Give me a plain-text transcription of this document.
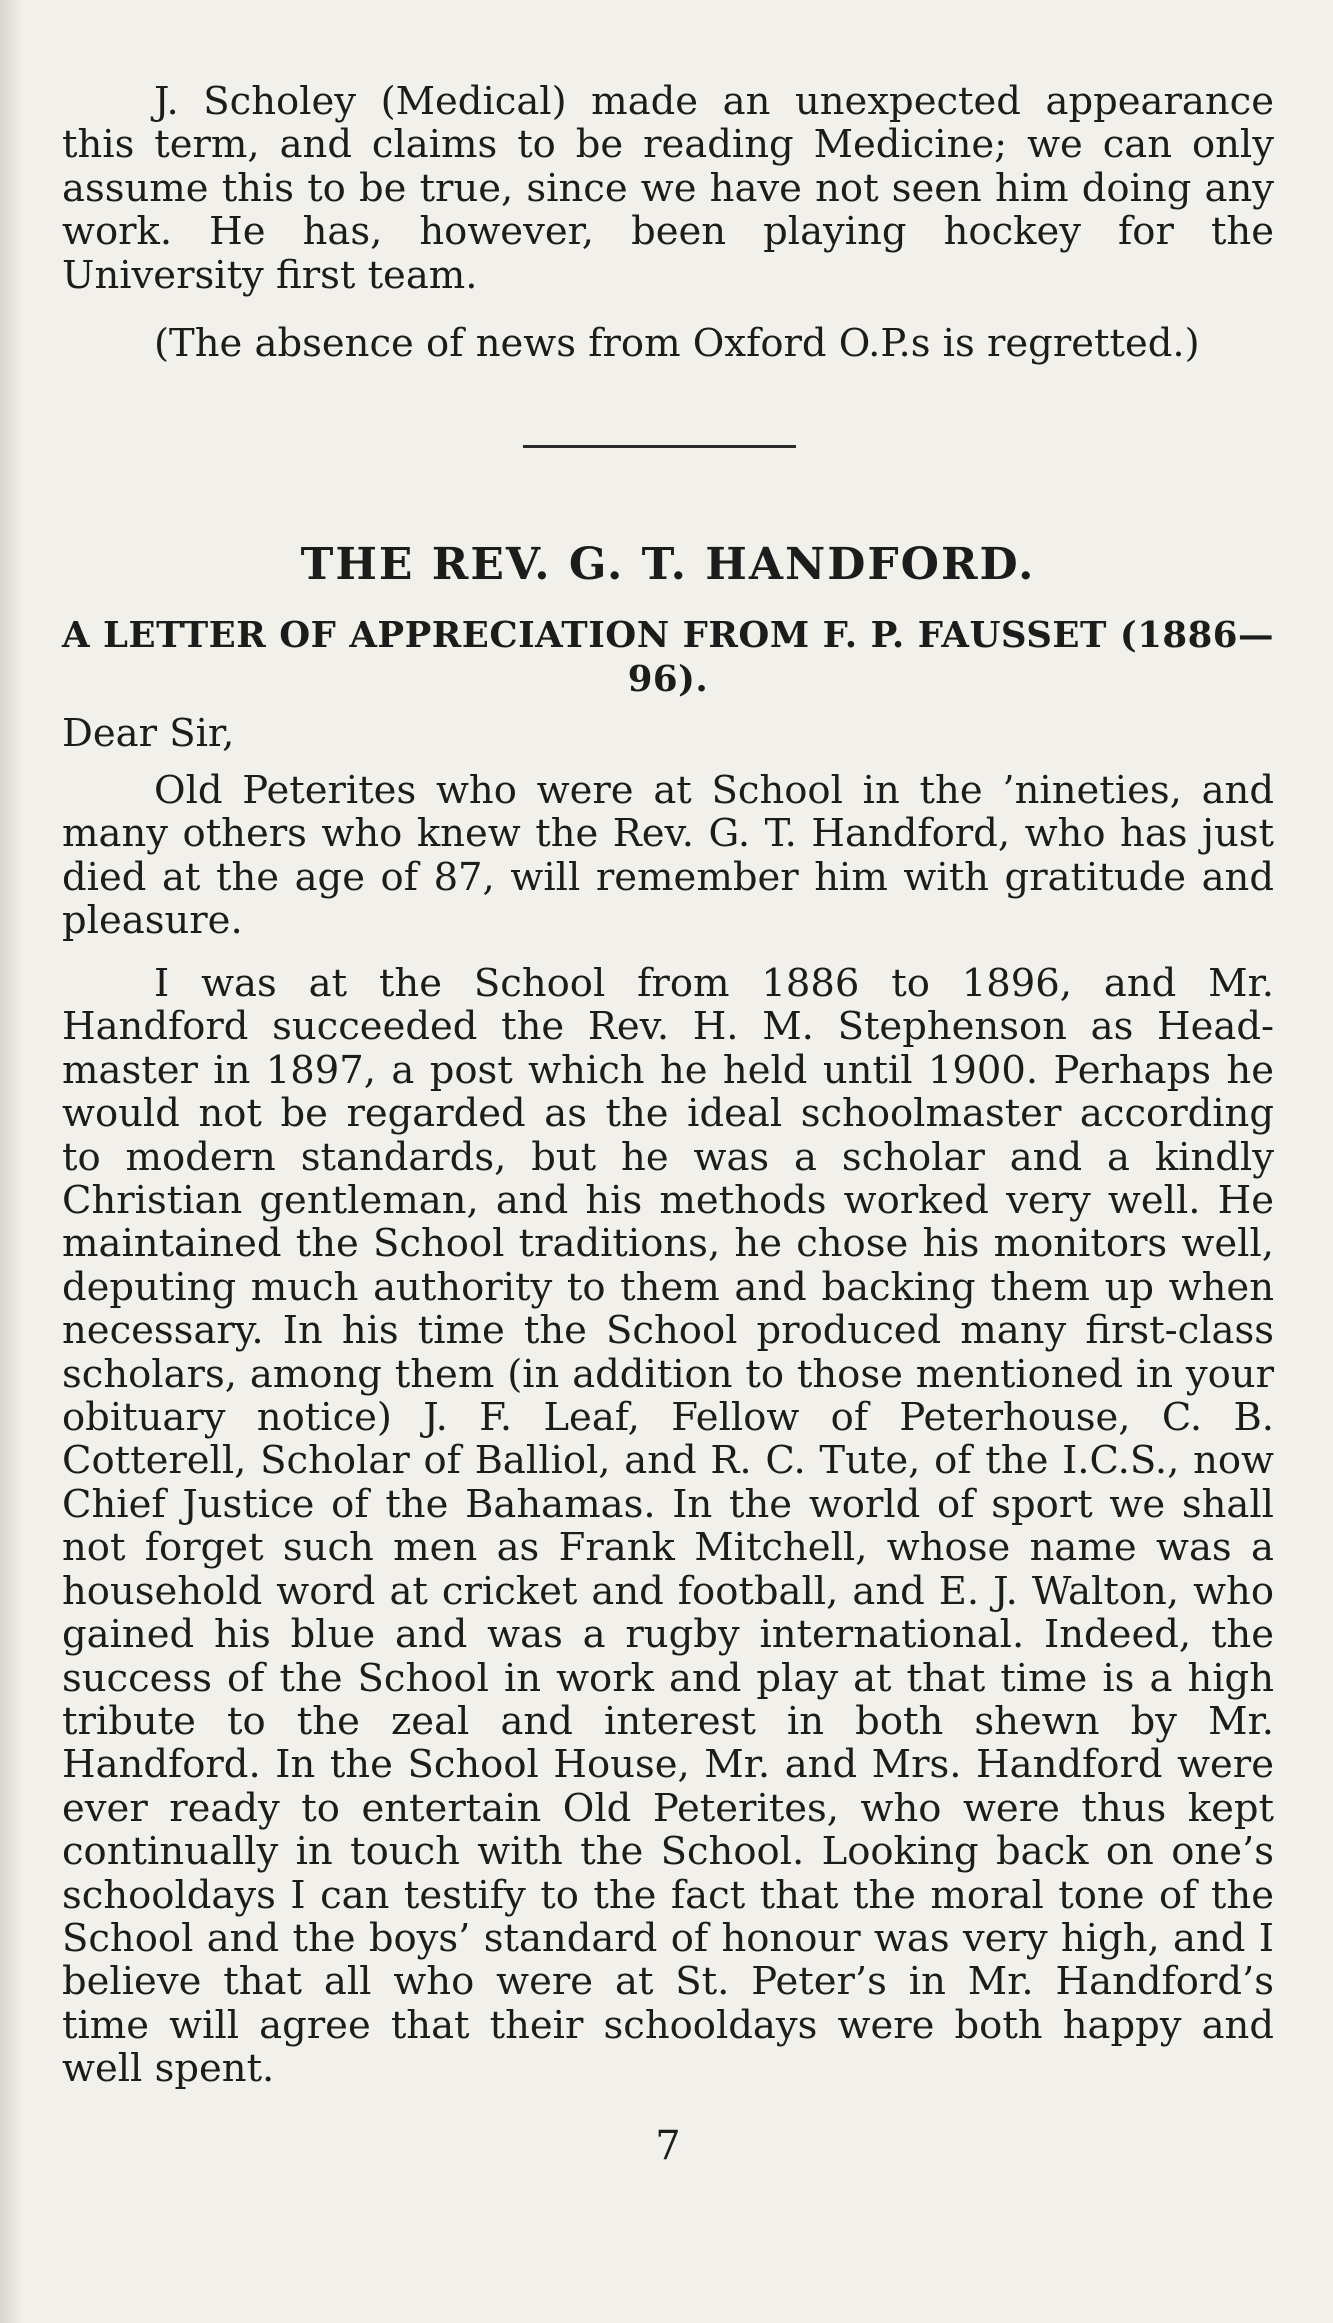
J. Scholey (Medical) made an unexpected appearance this term, and claims to be reading Medicine; we can only assume this to be true, since we have not seen him doing any work. He has, however, been playing hockey for the University first team.

(The absence of news from Oxford O.P.s is regretted.)

THE REV. G. T. HANDFORD.
A LETTER OF APPRECIATION FROM F. P. FAUSSET (1886—96).

Dear Sir,

Old Peterites who were at School in the ’nineties, and many others who knew the Rev. G. T. Handford, who has just died at the age of 87, will remember him with gratitude and pleasure.

I was at the School from 1886 to 1896, and Mr. Handford succeeded the Rev. H. M. Stephenson as Head-master in 1897, a post which he held until 1900. Perhaps he would not be regarded as the ideal schoolmaster according to modern standards, but he was a scholar and a kindly Christian gentleman, and his methods worked very well. He maintained the School traditions, he chose his monitors well, deputing much authority to them and backing them up when necessary. In his time the School produced many first-class scholars, among them (in addition to those mentioned in your obituary notice) J. F. Leaf, Fellow of Peterhouse, C. B. Cotterell, Scholar of Balliol, and R. C. Tute, of the I.C.S., now Chief Justice of the Bahamas. In the world of sport we shall not forget such men as Frank Mitchell, whose name was a household word at cricket and football, and E. J. Walton, who gained his blue and was a rugby international. Indeed, the success of the School in work and play at that time is a high tribute to the zeal and interest in both shewn by Mr. Handford. In the School House, Mr. and Mrs. Handford were ever ready to entertain Old Peterites, who were thus kept continually in touch with the School. Looking back on one’s schooldays I can testify to the fact that the moral tone of the School and the boys’ standard of honour was very high, and I believe that all who were at St. Peter’s in Mr. Handford’s time will agree that their schooldays were both happy and well spent.

7
